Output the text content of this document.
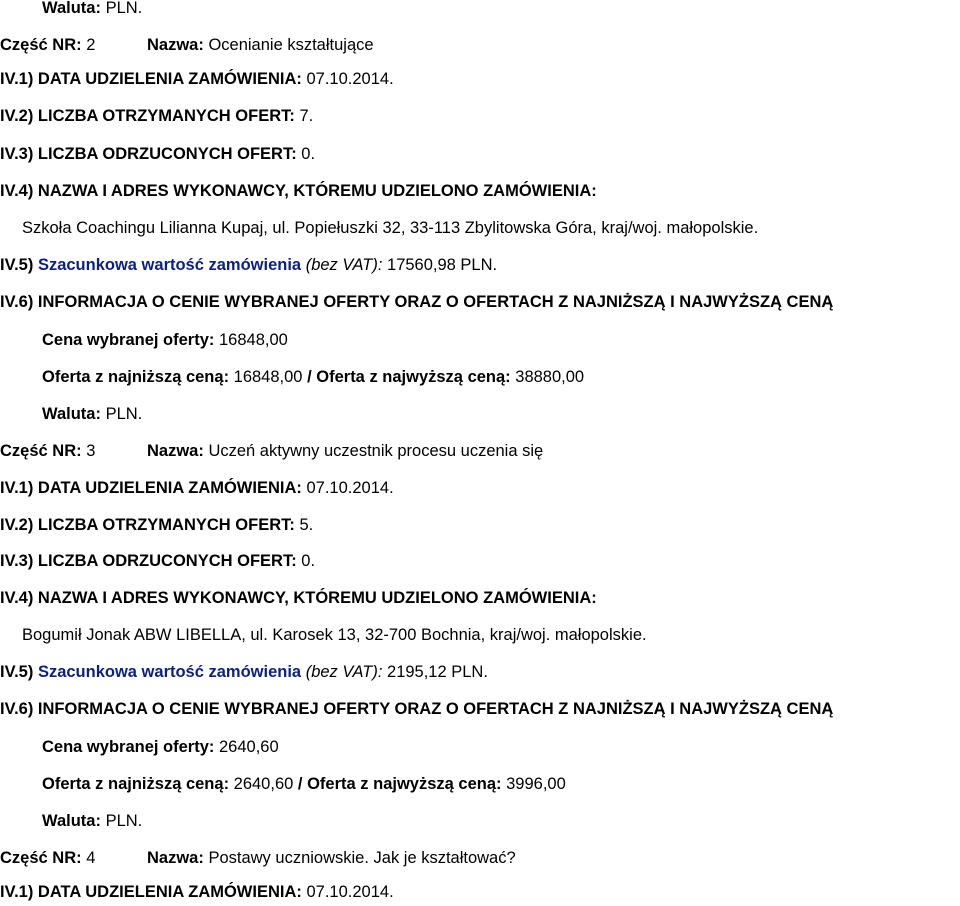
Waluta: PLN.
Część NR: 2	Nazwa: Ocenianie kształtujące
IV.1) DATA UDZIELENIA ZAMÓWIENIA: 07.10.2014.
IV.2) LICZBA OTRZYMANYCH OFERT: 7.
IV.3) LICZBA ODRZUCONYCH OFERT: 0.
IV.4) NAZWA I ADRES WYKONAWCY, KTÓREMU UDZIELONO ZAMÓWIENIA:
Szkoła Coachingu Lilianna Kupaj, ul. Popiełuszki 32, 33-113 Zbylitowska Góra, kraj/woj. małopolskie.
IV.5) Szacunkowa wartość zamówienia (bez VAT): 17560,98 PLN.
IV.6) INFORMACJA O CENIE WYBRANEJ OFERTY ORAZ O OFERTACH Z NAJNIŻSZĄ I NAJWYŻSZĄ CENĄ
Cena wybranej oferty: 16848,00
Oferta z najniższą ceną: 16848,00 / Oferta z najwyższą ceną: 38880,00
Waluta: PLN.
Część NR: 3	Nazwa: Uczeń aktywny uczestnik procesu uczenia się
IV.1) DATA UDZIELENIA ZAMÓWIENIA: 07.10.2014.
IV.2) LICZBA OTRZYMANYCH OFERT: 5.
IV.3) LICZBA ODRZUCONYCH OFERT: 0.
IV.4) NAZWA I ADRES WYKONAWCY, KTÓREMU UDZIELONO ZAMÓWIENIA:
Bogumił Jonak ABW LIBELLA, ul. Karosek 13, 32-700 Bochnia, kraj/woj. małopolskie.
IV.5) Szacunkowa wartość zamówienia (bez VAT): 2195,12 PLN.
IV.6) INFORMACJA O CENIE WYBRANEJ OFERTY ORAZ O OFERTACH Z NAJNIŻSZĄ I NAJWYŻSZĄ CENĄ
Cena wybranej oferty: 2640,60
Oferta z najniższą ceną: 2640,60 / Oferta z najwyższą ceną: 3996,00
Waluta: PLN.
Część NR: 4	Nazwa: Postawy uczniowskie. Jak je kształtować?
IV.1) DATA UDZIELENIA ZAMÓWIENIA: 07.10.2014.
